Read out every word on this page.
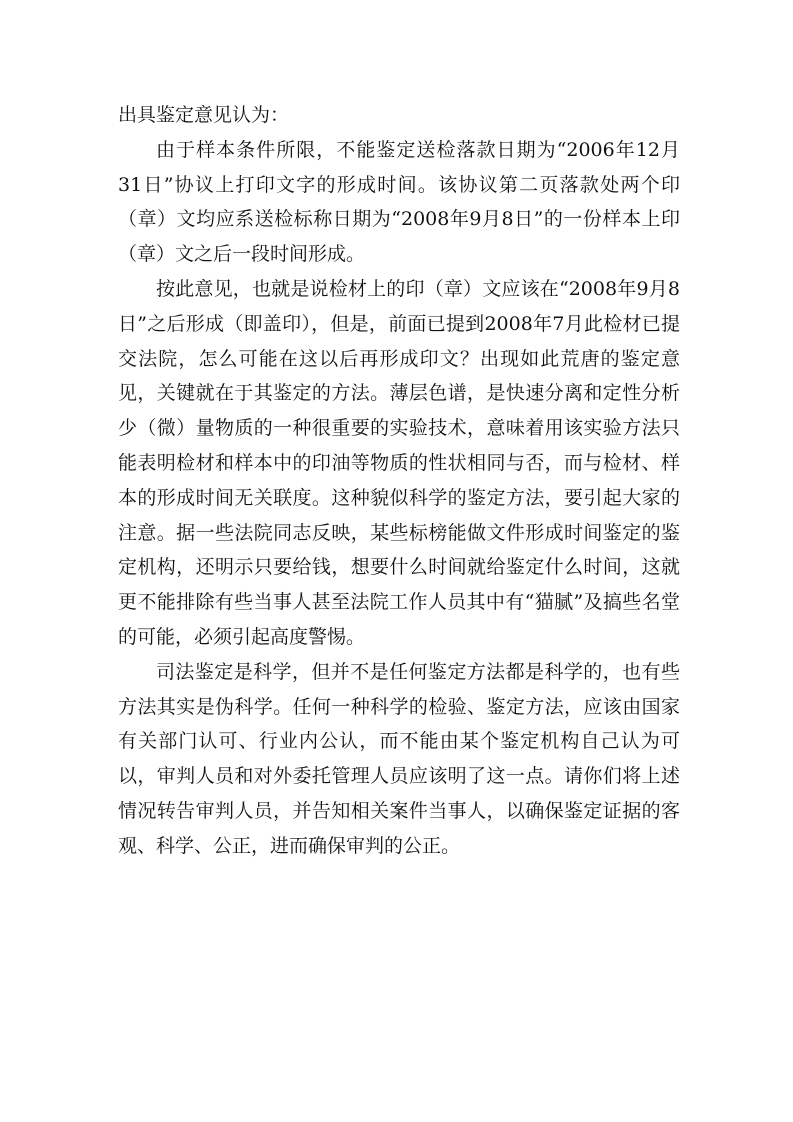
出具鉴定意见认为：

由于样本条件所限，不能鉴定送检落款日期为“2006年12月31日”协议上打印文字的形成时间。该协议第二页落款处两个印（章）文均应系送检标称日期为“2008年9月8日”的一份样本上印（章）文之后一段时间形成。

按此意见，也就是说检材上的印（章）文应该在“2008年9月8日”之后形成（即盖印），但是，前面已提到2008年7月此检材已提交法院，怎么可能在这以后再形成印文？出现如此荒唐的鉴定意见，关键就在于其鉴定的方法。薄层色谱，是快速分离和定性分析少（微）量物质的一种很重要的实验技术，意味着用该实验方法只能表明检材和样本中的印油等物质的性状相同与否，而与检材、样本的形成时间无关联度。这种貌似科学的鉴定方法，要引起大家的注意。据一些法院同志反映，某些标榜能做文件形成时间鉴定的鉴定机构，还明示只要给钱，想要什么时间就给鉴定什么时间，这就更不能排除有些当事人甚至法院工作人员其中有“猫腻”及搞些名堂的可能，必须引起高度警惕。

司法鉴定是科学，但并不是任何鉴定方法都是科学的，也有些方法其实是伪科学。任何一种科学的检验、鉴定方法，应该由国家有关部门认可、行业内公认，而不能由某个鉴定机构自己认为可以，审判人员和对外委托管理人员应该明了这一点。请你们将上述情况转告审判人员，并告知相关案件当事人，以确保鉴定证据的客观、科学、公正，进而确保审判的公正。
